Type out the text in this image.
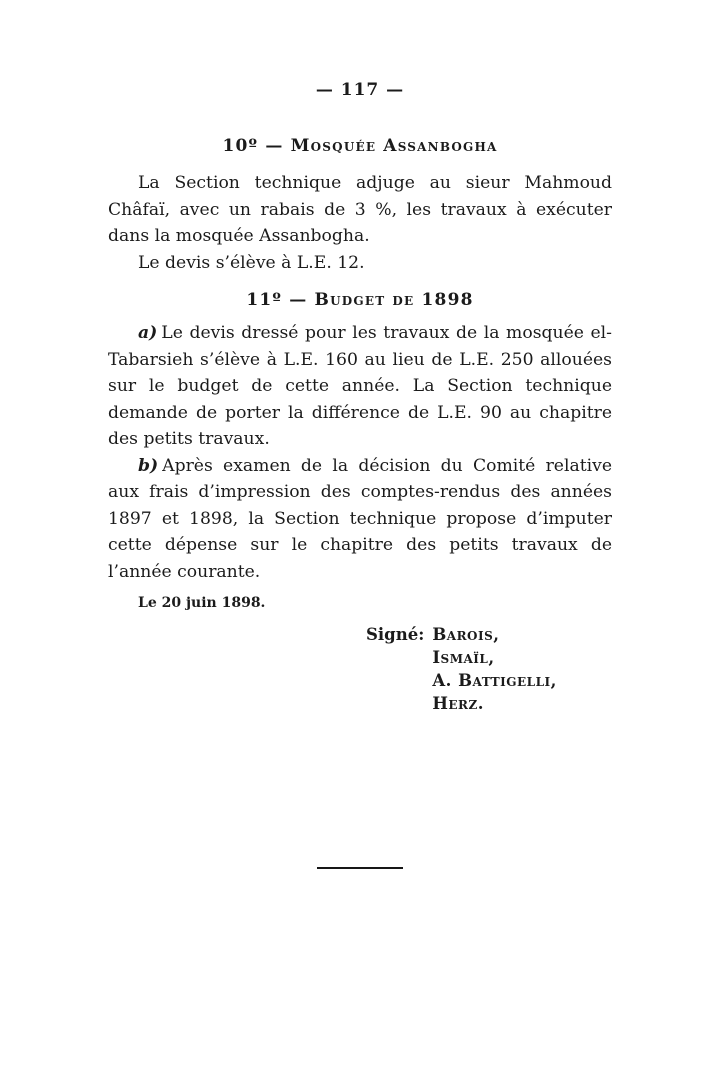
— 117 —
10º — Mosquée Assanbogha

La Section technique adjuge au sieur Mahmoud Châfaï, avec un rabais de 3 %, les travaux à exécuter dans la mosquée Assanbogha.

Le devis s’élève à L.E. 12.

11º — Budget de 1898

a) Le devis dressé pour les travaux de la mosquée el-Tabarsieh s’élève à L.E. 160 au lieu de L.E. 250 allouées sur le budget de cette année. La Section technique demande de porter la différence de L.E. 90 au chapitre des petits travaux.

b) Après examen de la décision du Comité relative aux frais d’impression des comptes-rendus des années 1897 et 1898, la Section technique propose d’imputer cette dépense sur le chapitre des petits travaux de l’année courante.

Le 20 juin 1898.
Signé: Barois,
Ismaïl,
A. Battigelli,
Herz.
